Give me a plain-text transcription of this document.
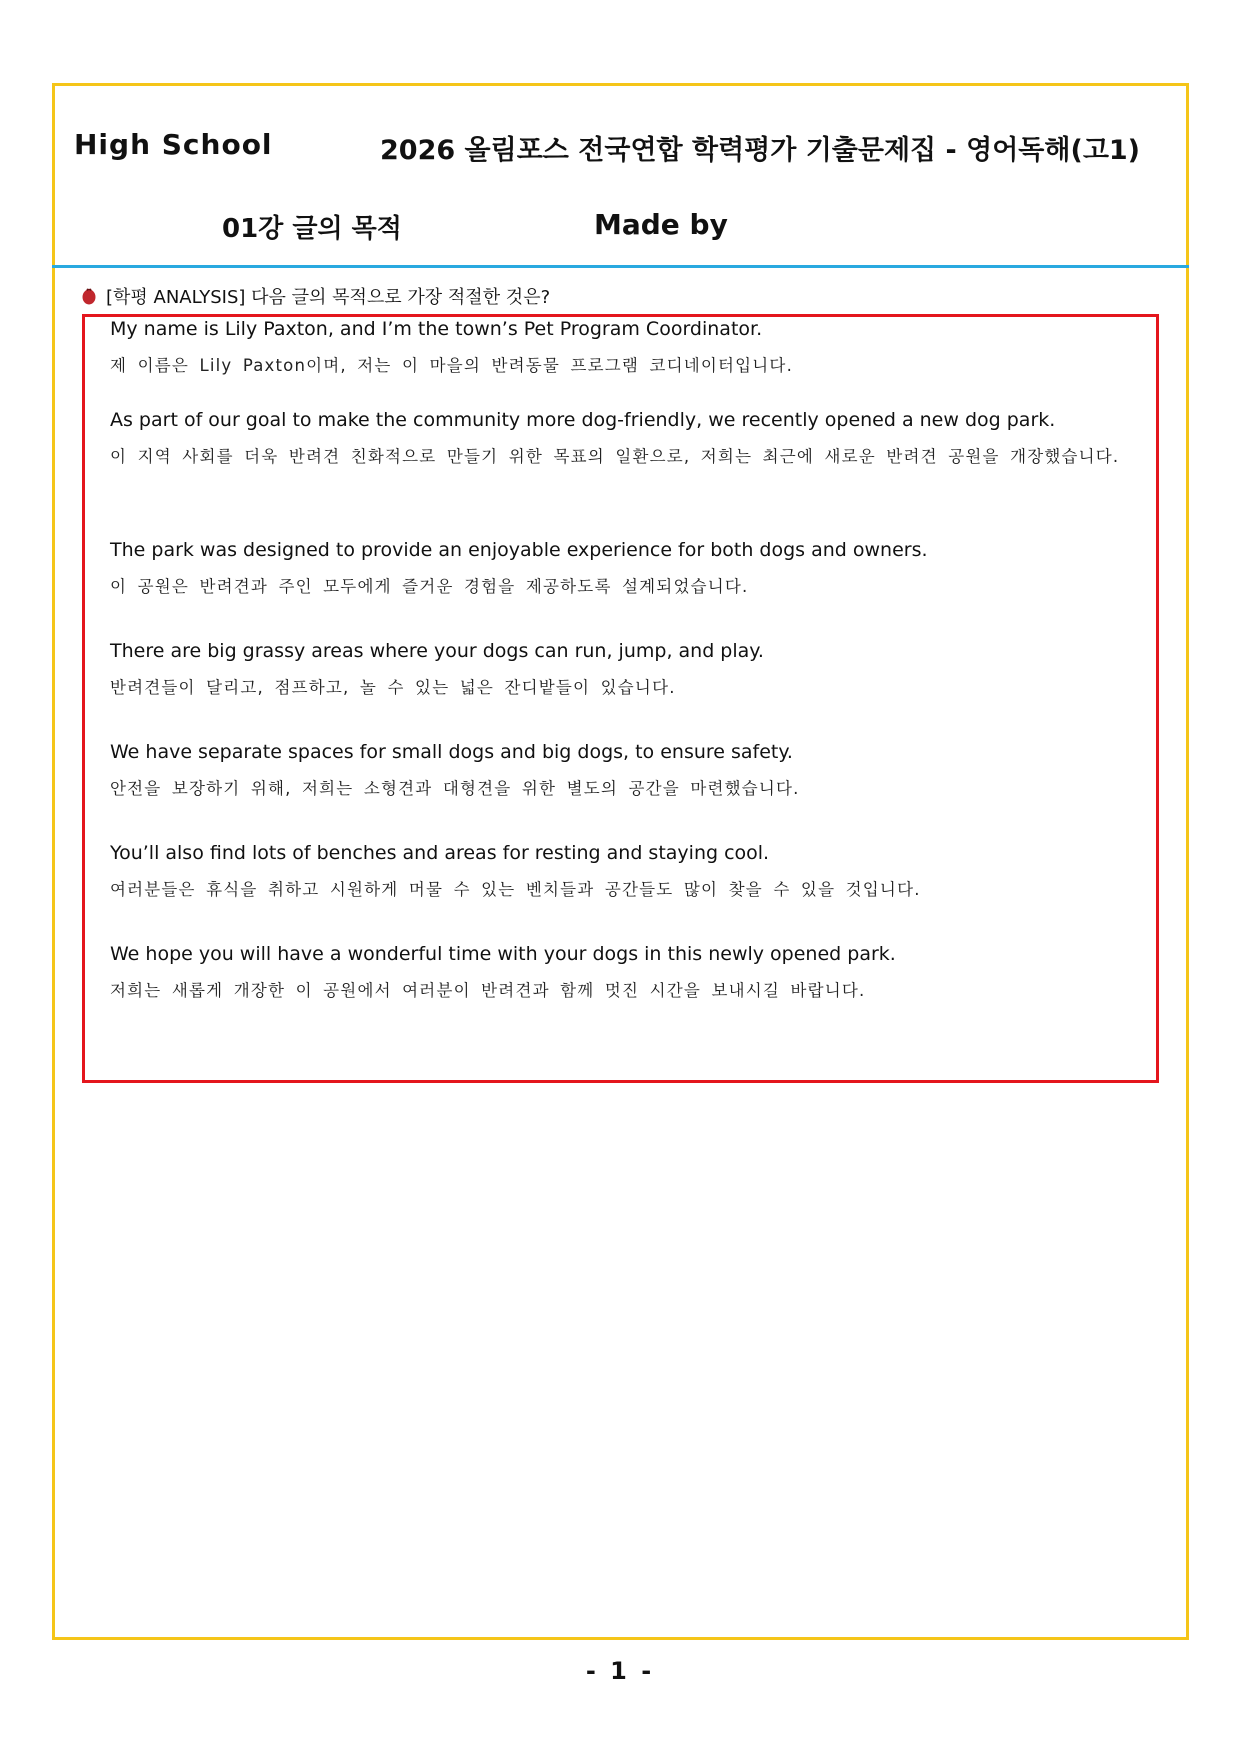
High School	2026 올림포스 전국연합 학력평가 기출문제집 - 영어독해(고1)
01강 글의 목적	Made by
[학평 ANALYSIS] 다음 글의 목적으로 가장 적절한 것은?
My name is Lily Paxton, and I’m the town’s Pet Program Coordinator.
제 이름은 Lily Paxton이며, 저는 이 마을의 반려동물 프로그램 코디네이터입니다.
As part of our goal to make the community more dog-friendly, we recently opened a new dog park.
이 지역 사회를 더욱 반려견 친화적으로 만들기 위한 목표의 일환으로, 저희는 최근에 새로운 반려견 공원을 개장했습니다.
The park was designed to provide an enjoyable experience for both dogs and owners.
이 공원은 반려견과 주인 모두에게 즐거운 경험을 제공하도록 설계되었습니다.
There are big grassy areas where your dogs can run, jump, and play.
반려견들이 달리고, 점프하고, 놀 수 있는 넓은 잔디밭들이 있습니다.
We have separate spaces for small dogs and big dogs, to ensure safety.
안전을 보장하기 위해, 저희는 소형견과 대형견을 위한 별도의 공간을 마련했습니다.
You’ll also find lots of benches and areas for resting and staying cool.
여러분들은 휴식을 취하고 시원하게 머물 수 있는 벤치들과 공간들도 많이 찾을 수 있을 것입니다.
We hope you will have a wonderful time with your dogs in this newly opened park.
저희는 새롭게 개장한 이 공원에서 여러분이 반려견과 함께 멋진 시간을 보내시길 바랍니다.
- 1 -
